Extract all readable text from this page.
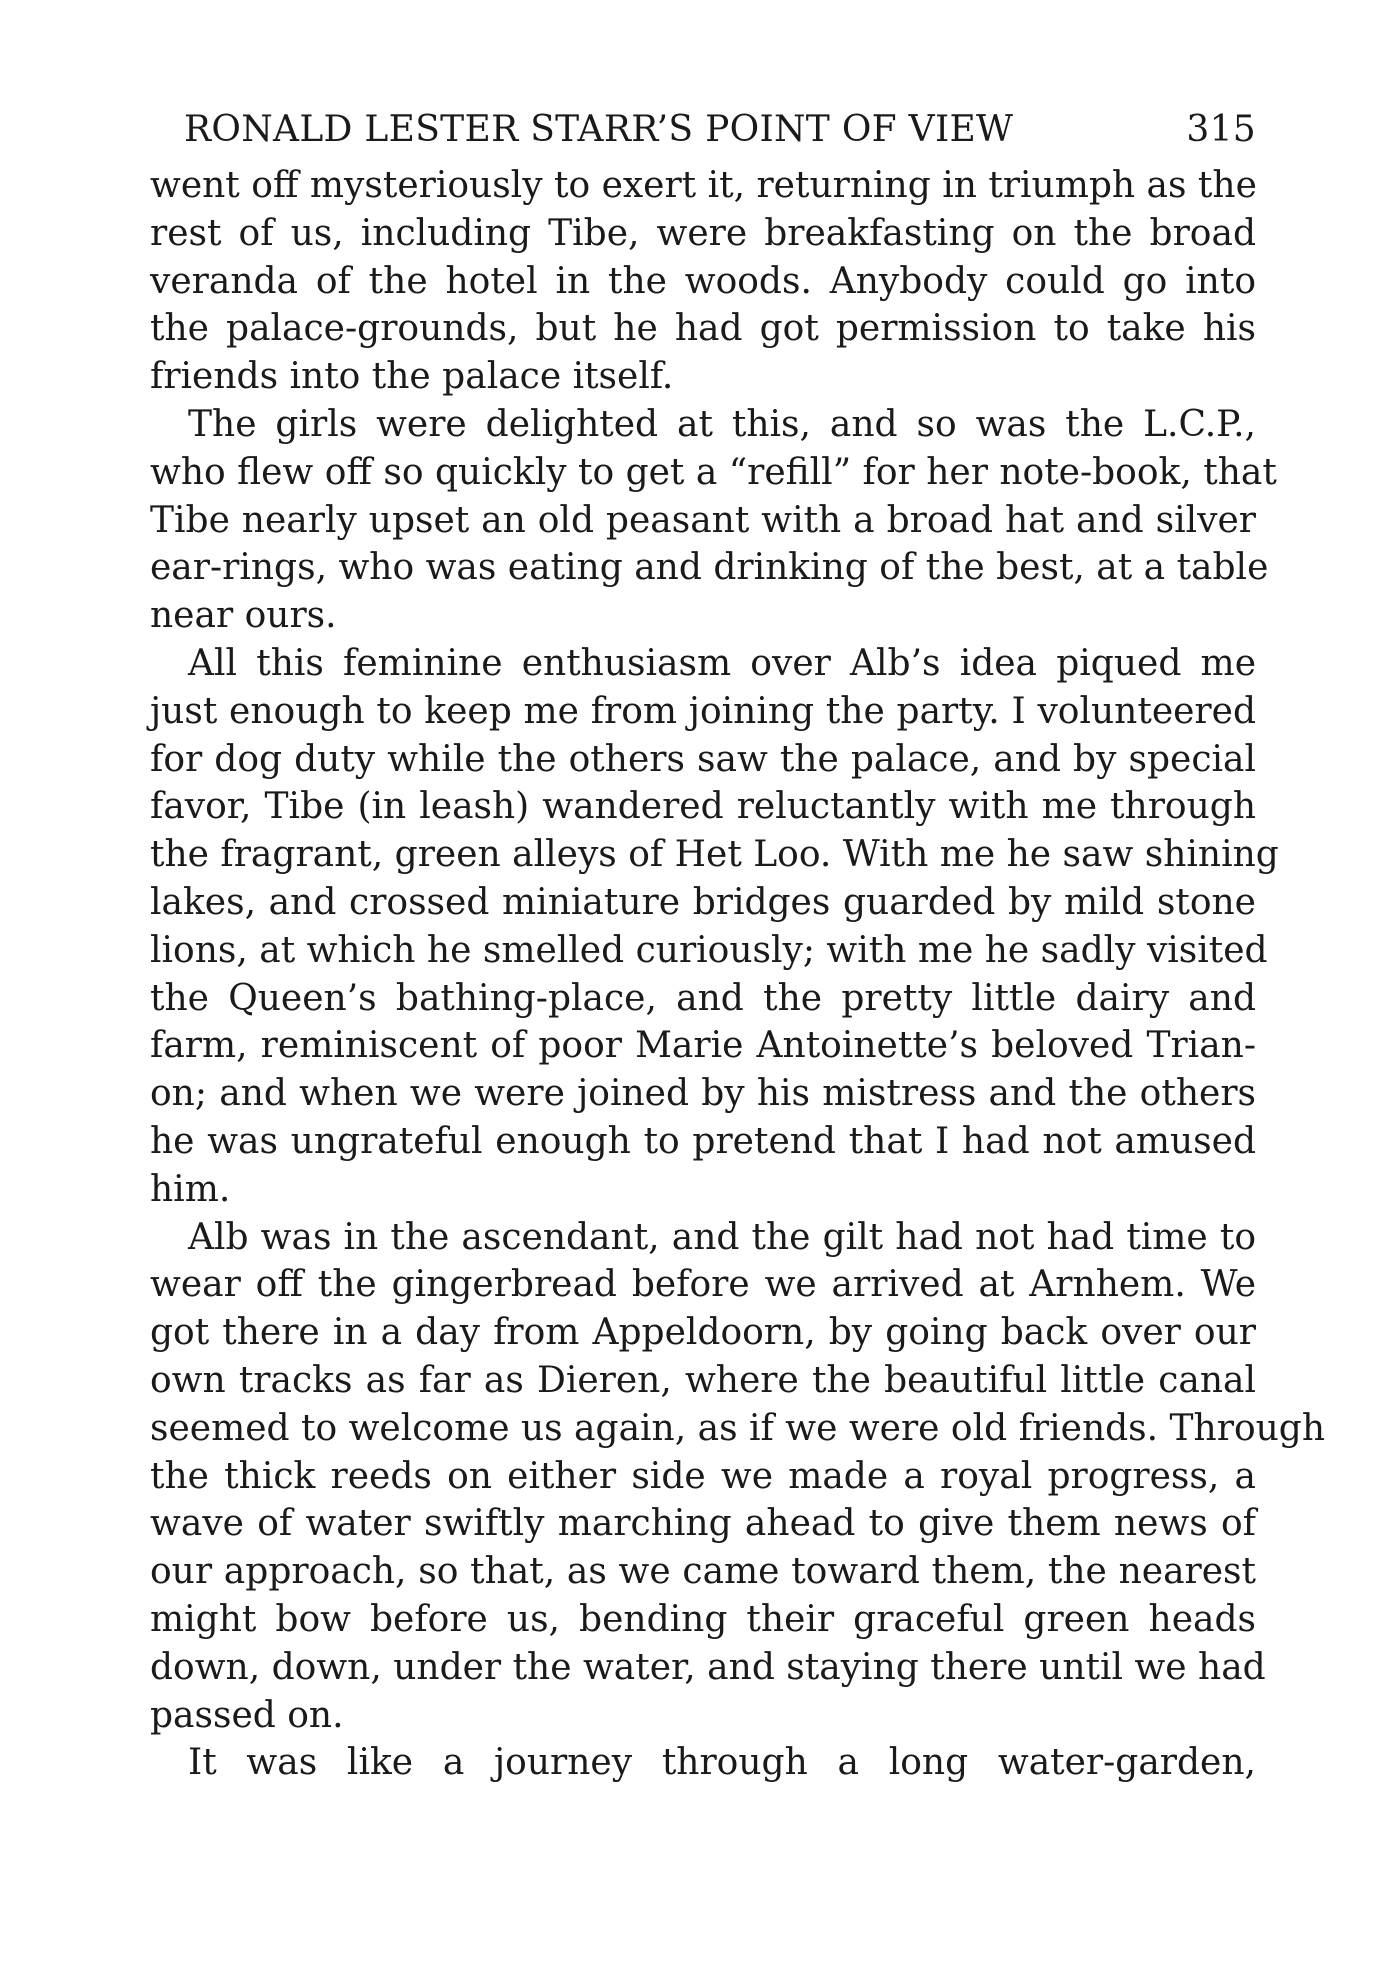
RONALD LESTER STARR’S POINT OF VIEW	315
went off mysteriously to exert it, returning in triumph as the
rest of us, including Tibe, were breakfasting on the broad
veranda of the hotel in the woods. Anybody could go into
the palace-grounds, but he had got permission to take his
friends into the palace itself.
The girls were delighted at this, and so was the L.C.P.,
who flew off so quickly to get a “refill” for her note-book, that
Tibe nearly upset an old peasant with a broad hat and silver
ear-rings, who was eating and drinking of the best, at a table
near ours.
All this feminine enthusiasm over Alb’s idea piqued me
just enough to keep me from joining the party. I volunteered
for dog duty while the others saw the palace, and by special
favor, Tibe (in leash) wandered reluctantly with me through
the fragrant, green alleys of Het Loo. With me he saw shining
lakes, and crossed miniature bridges guarded by mild stone
lions, at which he smelled curiously; with me he sadly visited
the Queen’s bathing-place, and the pretty little dairy and
farm, reminiscent of poor Marie Antoinette’s beloved Trian-
on; and when we were joined by his mistress and the others
he was ungrateful enough to pretend that I had not amused
him.
Alb was in the ascendant, and the gilt had not had time to
wear off the gingerbread before we arrived at Arnhem. We
got there in a day from Appeldoorn, by going back over our
own tracks as far as Dieren, where the beautiful little canal
seemed to welcome us again, as if we were old friends. Through
the thick reeds on either side we made a royal progress, a
wave of water swiftly marching ahead to give them news of
our approach, so that, as we came toward them, the nearest
might bow before us, bending their graceful green heads
down, down, under the water, and staying there until we had
passed on.
It was like a journey through a long water-garden,
